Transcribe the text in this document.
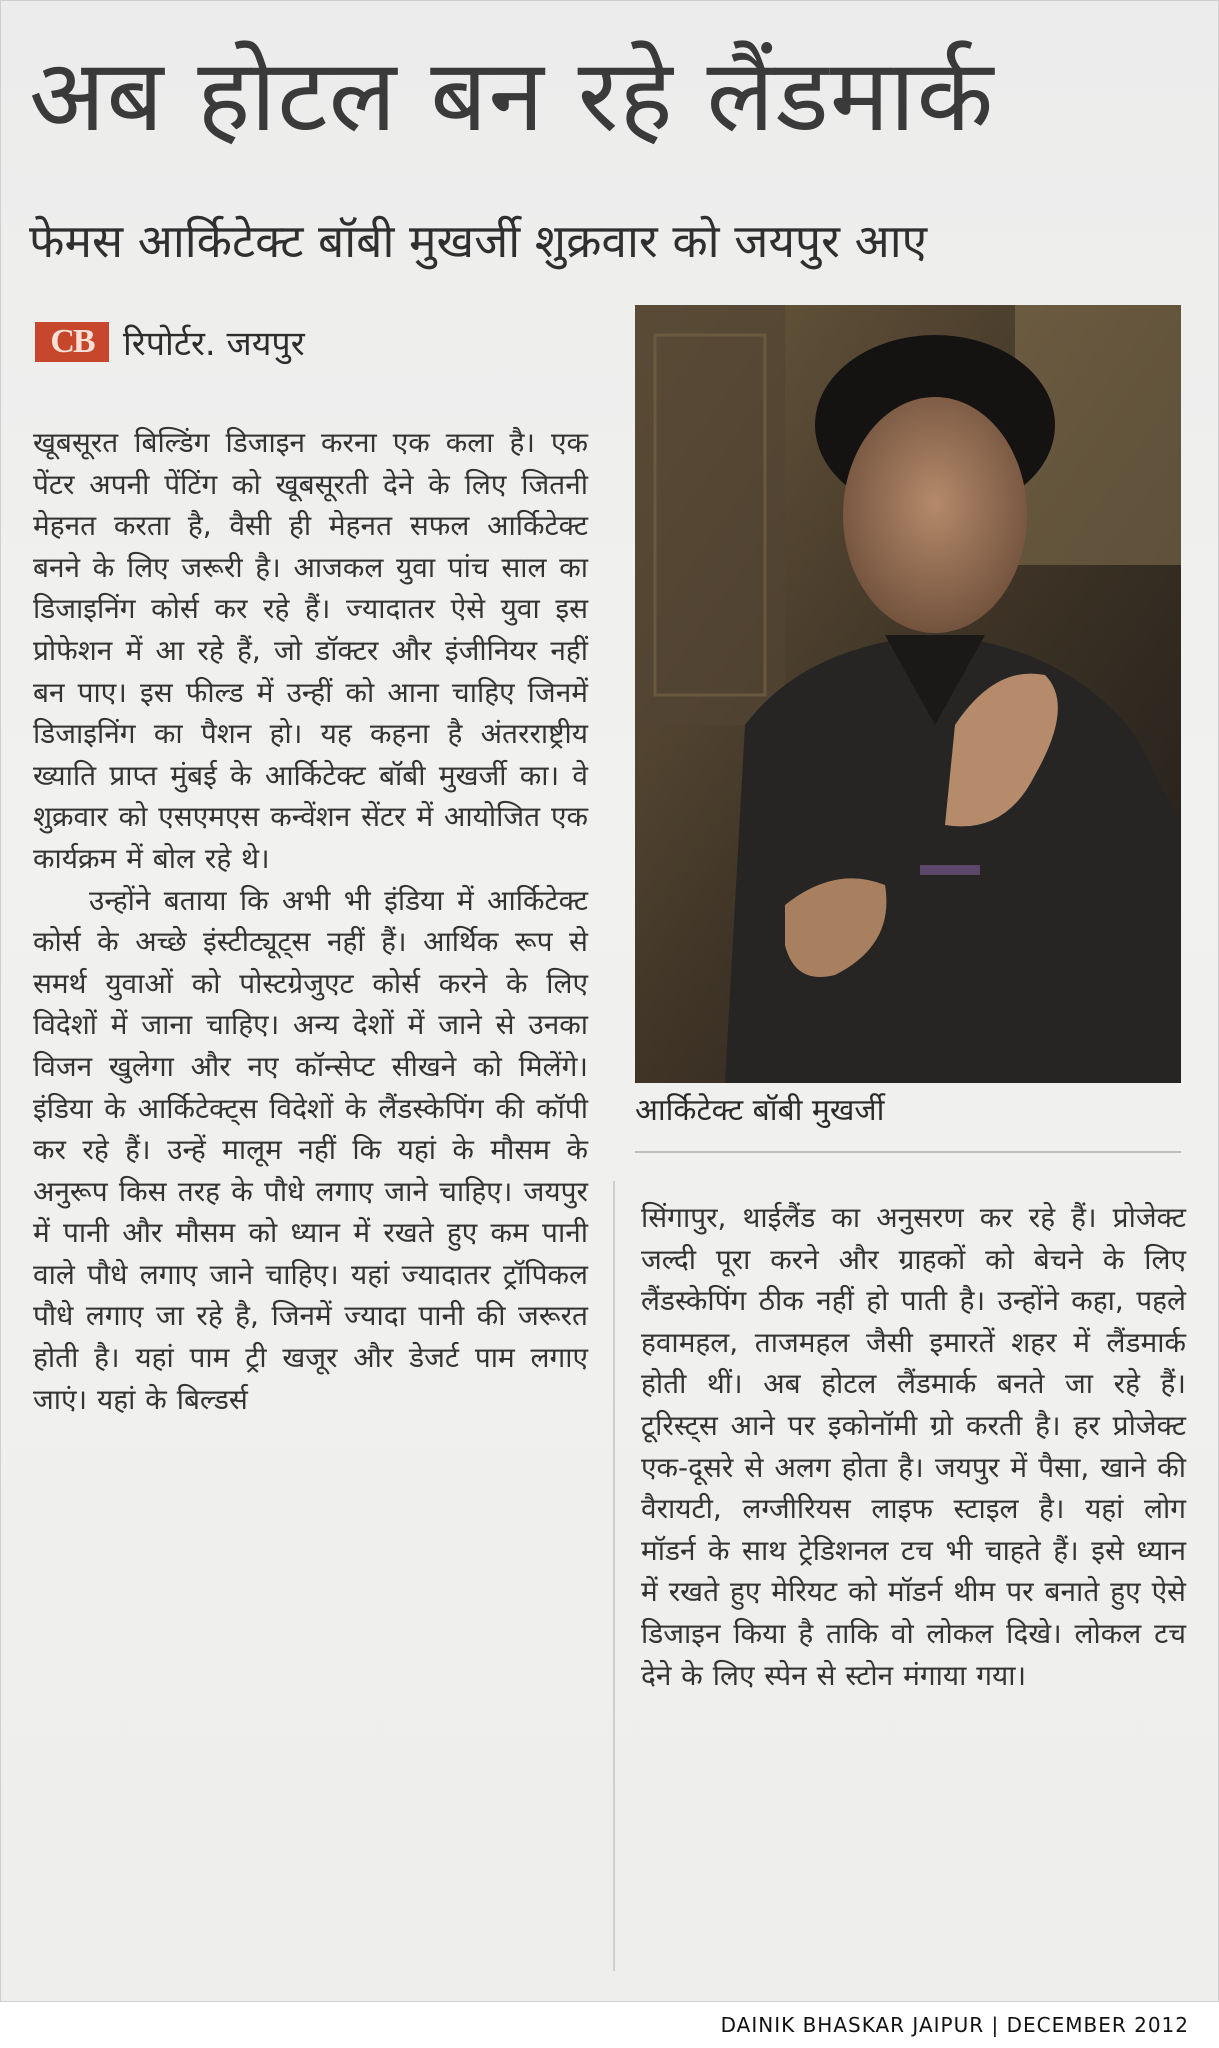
अब होटल बन रहे लैंडमार्क
फेमस आर्किटेक्ट बॉबी मुखर्जी शुक्रवार को जयपुर आए
CB रिपोर्टर. जयपुर

खूबसूरत बिल्डिंग डिजाइन करना एक कला है। एक पेंटर अपनी पेंटिंग को खूबसूरती देने के लिए जितनी मेहनत करता है, वैसी ही मेहनत सफल आर्किटेक्ट बनने के लिए जरूरी है। आजकल युवा पांच साल का डिजाइनिंग कोर्स कर रहे हैं। ज्यादातर ऐसे युवा इस प्रोफेशन में आ रहे हैं, जो डॉक्टर और इंजीनियर नहीं बन पाए। इस फील्ड में उन्हीं को आना चाहिए जिनमें डिजाइनिंग का पैशन हो। यह कहना है अंतरराष्ट्रीय ख्याति प्राप्त मुंबई के आर्किटेक्ट बॉबी मुखर्जी का। वे शुक्रवार को एसएमएस कन्वेंशन सेंटर में आयोजित एक कार्यक्रम में बोल रहे थे।

उन्होंने बताया कि अभी भी इंडिया में आर्किटेक्ट कोर्स के अच्छे इंस्टीट्यूट्स नहीं हैं। आर्थिक रूप से समर्थ युवाओं को पोस्टग्रेजुएट कोर्स करने के लिए विदेशों में जाना चाहिए। अन्य देशों में जाने से उनका विजन खुलेगा और नए कॉन्सेप्ट सीखने को मिलेंगे। इंडिया के आर्किटेक्ट्स विदेशों के लैंडस्केपिंग की कॉपी कर रहे हैं। उन्हें मालूम नहीं कि यहां के मौसम के अनुरूप किस तरह के पौधे लगाए जाने चाहिए। जयपुर में पानी और मौसम को ध्यान में रखते हुए कम पानी वाले पौधे लगाए जाने चाहिए। यहां ज्यादातर ट्रॉपिकल पौधे लगाए जा रहे है, जिनमें ज्यादा पानी की जरूरत होती है। यहां पाम ट्री खजूर और डेजर्ट पाम लगाए जाएं। यहां के बिल्डर्स

आर्किटेक्ट बॉबी मुखर्जी

सिंगापुर, थाईलैंड का अनुसरण कर रहे हैं। प्रोजेक्ट जल्दी पूरा करने और ग्राहकों को बेचने के लिए लैंडस्केपिंग ठीक नहीं हो पाती है। उन्होंने कहा, पहले हवामहल, ताजमहल जैसी इमारतें शहर में लैंडमार्क होती थीं। अब होटल लैंडमार्क बनते जा रहे हैं। टूरिस्ट्स आने पर इकोनॉमी ग्रो करती है। हर प्रोजेक्ट एक-दूसरे से अलग होता है। जयपुर में पैसा, खाने की वैरायटी, लग्जीरियस लाइफ स्टाइल है। यहां लोग मॉडर्न के साथ ट्रेडिशनल टच भी चाहते हैं। इसे ध्यान में रखते हुए मेरियट को मॉडर्न थीम पर बनाते हुए ऐसे डिजाइन किया है ताकि वो लोकल दिखे। लोकल टच देने के लिए स्पेन से स्टोन मंगाया गया।

DAINIK BHASKAR JAIPUR | DECEMBER 2012
